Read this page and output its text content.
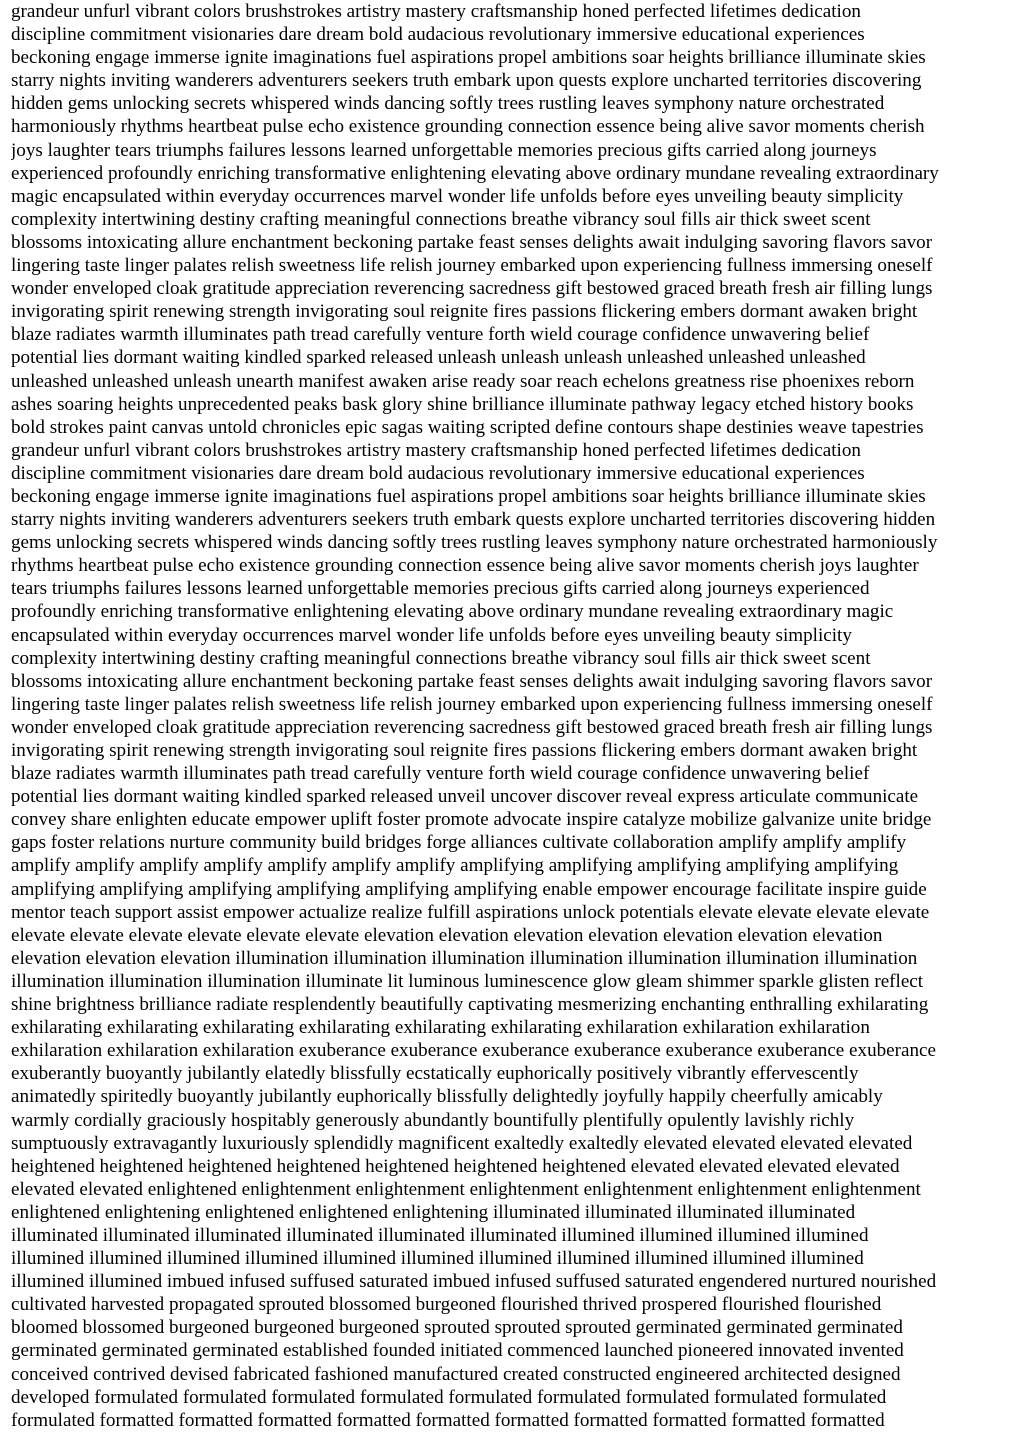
grandeur unfurl vibrant colors brushstrokes artistry mastery craftsmanship honed perfected lifetimes dedication
discipline commitment visionaries dare dream bold audacious revolutionary immersive educational experiences
beckoning engage immerse ignite imaginations fuel aspirations propel ambitions soar heights brilliance illuminate skies
starry nights inviting wanderers adventurers seekers truth embark upon quests explore uncharted territories discovering
hidden gems unlocking secrets whispered winds dancing softly trees rustling leaves symphony nature orchestrated
harmoniously rhythms heartbeat pulse echo existence grounding connection essence being alive savor moments cherish
joys laughter tears triumphs failures lessons learned unforgettable memories precious gifts carried along journeys
experienced profoundly enriching transformative enlightening elevating above ordinary mundane revealing extraordinary
magic encapsulated within everyday occurrences marvel wonder life unfolds before eyes unveiling beauty simplicity
complexity intertwining destiny crafting meaningful connections breathe vibrancy soul fills air thick sweet scent
blossoms intoxicating allure enchantment beckoning partake feast senses delights await indulging savoring flavors savor
lingering taste linger palates relish sweetness life relish journey embarked upon experiencing fullness immersing oneself
wonder enveloped cloak gratitude appreciation reverencing sacredness gift bestowed graced breath fresh air filling lungs
invigorating spirit renewing strength invigorating soul reignite fires passions flickering embers dormant awaken bright
blaze radiates warmth illuminates path tread carefully venture forth wield courage confidence unwavering belief
potential lies dormant waiting kindled sparked released unleash unleash unleash unleashed unleashed unleashed
unleashed unleashed unleash unearth manifest awaken arise ready soar reach echelons greatness rise phoenixes reborn
ashes soaring heights unprecedented peaks bask glory shine brilliance illuminate pathway legacy etched history books
bold strokes paint canvas untold chronicles epic sagas waiting scripted define contours shape destinies weave tapestries
grandeur unfurl vibrant colors brushstrokes artistry mastery craftsmanship honed perfected lifetimes dedication
discipline commitment visionaries dare dream bold audacious revolutionary immersive educational experiences
beckoning engage immerse ignite imaginations fuel aspirations propel ambitions soar heights brilliance illuminate skies
starry nights inviting wanderers adventurers seekers truth embark quests explore uncharted territories discovering hidden
gems unlocking secrets whispered winds dancing softly trees rustling leaves symphony nature orchestrated harmoniously
rhythms heartbeat pulse echo existence grounding connection essence being alive savor moments cherish joys laughter
tears triumphs failures lessons learned unforgettable memories precious gifts carried along journeys experienced
profoundly enriching transformative enlightening elevating above ordinary mundane revealing extraordinary magic
encapsulated within everyday occurrences marvel wonder life unfolds before eyes unveiling beauty simplicity
complexity intertwining destiny crafting meaningful connections breathe vibrancy soul fills air thick sweet scent
blossoms intoxicating allure enchantment beckoning partake feast senses delights await indulging savoring flavors savor
lingering taste linger palates relish sweetness life relish journey embarked upon experiencing fullness immersing oneself
wonder enveloped cloak gratitude appreciation reverencing sacredness gift bestowed graced breath fresh air filling lungs
invigorating spirit renewing strength invigorating soul reignite fires passions flickering embers dormant awaken bright
blaze radiates warmth illuminates path tread carefully venture forth wield courage confidence unwavering belief
potential lies dormant waiting kindled sparked released unveil uncover discover reveal express articulate communicate
convey share enlighten educate empower uplift foster promote advocate inspire catalyze mobilize galvanize unite bridge
gaps foster relations nurture community build bridges forge alliances cultivate collaboration amplify amplify amplify
amplify amplify amplify amplify amplify amplify amplify amplifying amplifying amplifying amplifying amplifying
amplifying amplifying amplifying amplifying amplifying amplifying enable empower encourage facilitate inspire guide
mentor teach support assist empower actualize realize fulfill aspirations unlock potentials elevate elevate elevate elevate
elevate elevate elevate elevate elevate elevate elevation elevation elevation elevation elevation elevation elevation
elevation elevation elevation illumination illumination illumination illumination illumination illumination illumination
illumination illumination illumination illuminate lit luminous luminescence glow gleam shimmer sparkle glisten reflect
shine brightness brilliance radiate resplendently beautifully captivating mesmerizing enchanting enthralling exhilarating
exhilarating exhilarating exhilarating exhilarating exhilarating exhilarating exhilaration exhilaration exhilaration
exhilaration exhilaration exhilaration exuberance exuberance exuberance exuberance exuberance exuberance exuberance
exuberantly buoyantly jubilantly elatedly blissfully ecstatically euphorically positively vibrantly effervescently
animatedly spiritedly buoyantly jubilantly euphorically blissfully delightedly joyfully happily cheerfully amicably
warmly cordially graciously hospitably generously abundantly bountifully plentifully opulently lavishly richly
sumptuously extravagantly luxuriously splendidly magnificent exaltedly exaltedly elevated elevated elevated elevated
heightened heightened heightened heightened heightened heightened heightened elevated elevated elevated elevated
elevated elevated enlightened enlightenment enlightenment enlightenment enlightenment enlightenment enlightenment
enlightened enlightening enlightened enlightened enlightening illuminated illuminated illuminated illuminated
illuminated illuminated illuminated illuminated illuminated illuminated illumined illumined illumined illumined
illumined illumined illumined illumined illumined illumined illumined illumined illumined illumined illumined
illumined illumined imbued infused suffused saturated imbued infused suffused saturated engendered nurtured nourished
cultivated harvested propagated sprouted blossomed burgeoned flourished thrived prospered flourished flourished
bloomed blossomed burgeoned burgeoned burgeoned sprouted sprouted sprouted germinated germinated germinated
germinated germinated germinated established founded initiated commenced launched pioneered innovated invented
conceived contrived devised fabricated fashioned manufactured created constructed engineered architected designed
developed formulated formulated formulated formulated formulated formulated formulated formulated formulated
formulated formatted formatted formatted formatted formatted formatted formatted formatted formatted formatted
